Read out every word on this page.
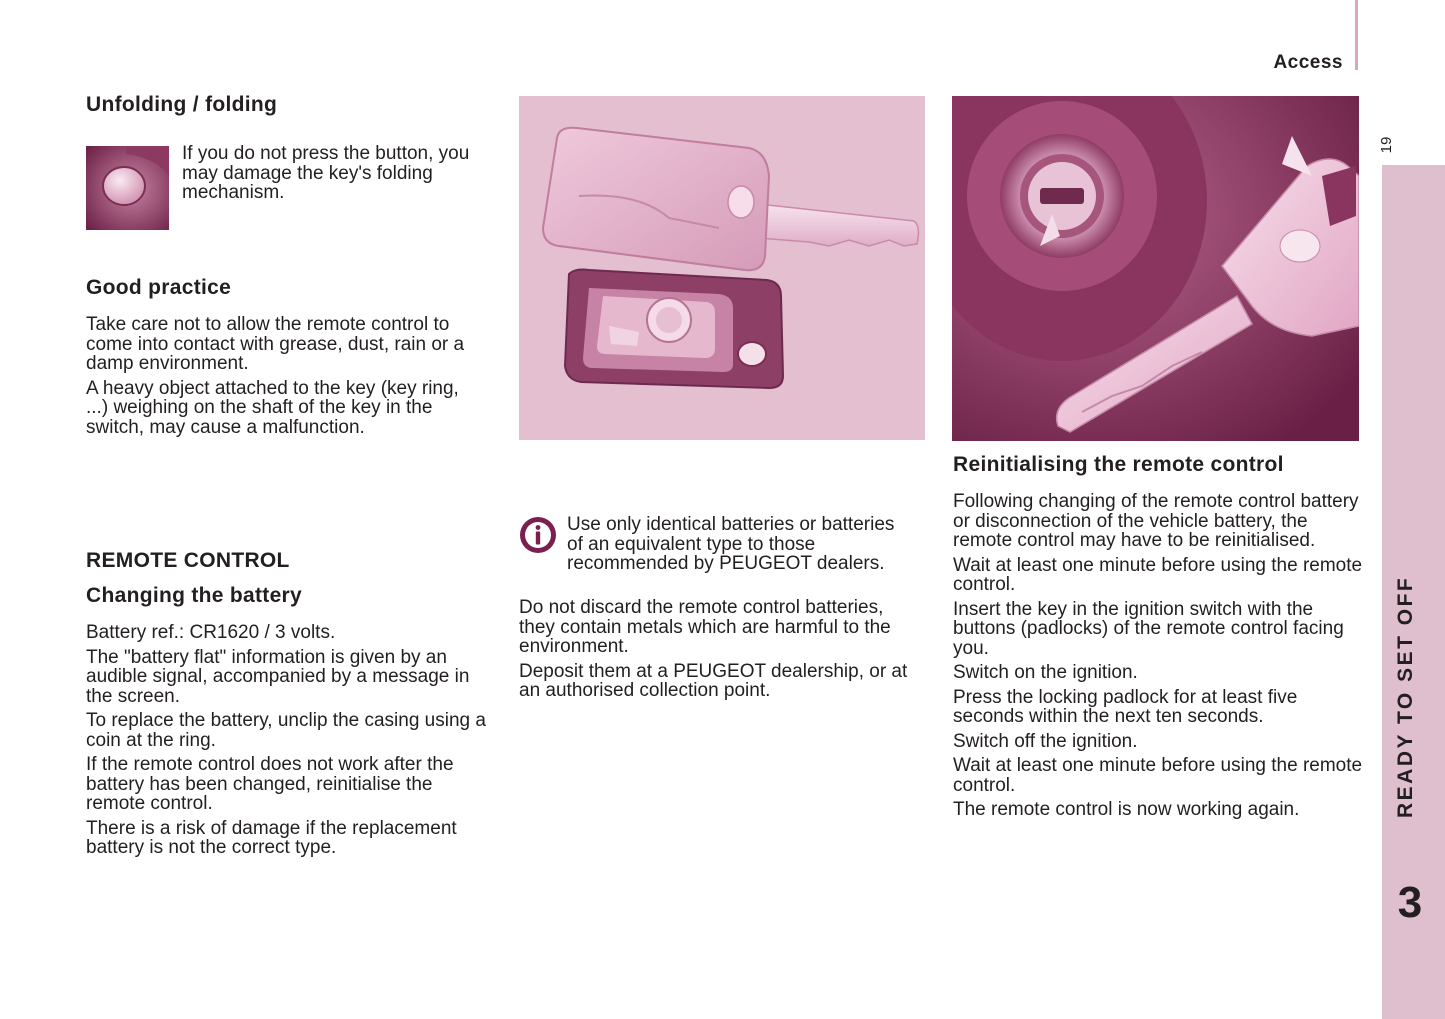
Access
19
READY TO SET OFF
3
Unfolding / folding

If you do not press the button, you may damage the key's folding mechanism.

Good practice

Take care not to allow the remote control to come into contact with grease, dust, rain or a damp environment.

A heavy object attached to the key (key ring, ...) weighing on the shaft of the key in the switch, may cause a malfunction.

REMOTE CONTROL
Changing the battery

Battery ref.: CR1620 / 3 volts.

The "battery flat" information is given by an audible signal, accompanied by a message in the screen.

To replace the battery, unclip the casing using a coin at the ring.

If the remote control does not work after the battery has been changed, reinitialise the remote control.

There is a risk of damage if the replacement battery is not the correct type.

Use only identical batteries or batteries of an equivalent type to those recommended by PEUGEOT dealers.

Do not discard the remote control batteries, they contain metals which are harmful to the environment.

Deposit them at a PEUGEOT dealership, or at an authorised collection point.

Reinitialising the remote control

Following changing of the remote control battery or disconnection of the vehicle battery, the remote control may have to be reinitialised.

Wait at least one minute before using the remote control.

Insert the key in the ignition switch with the buttons (padlocks) of the remote control facing you.

Switch on the ignition.

Press the locking padlock for at least five seconds within the next ten seconds.

Switch off the ignition.

Wait at least one minute before using the remote control.

The remote control is now working again.
